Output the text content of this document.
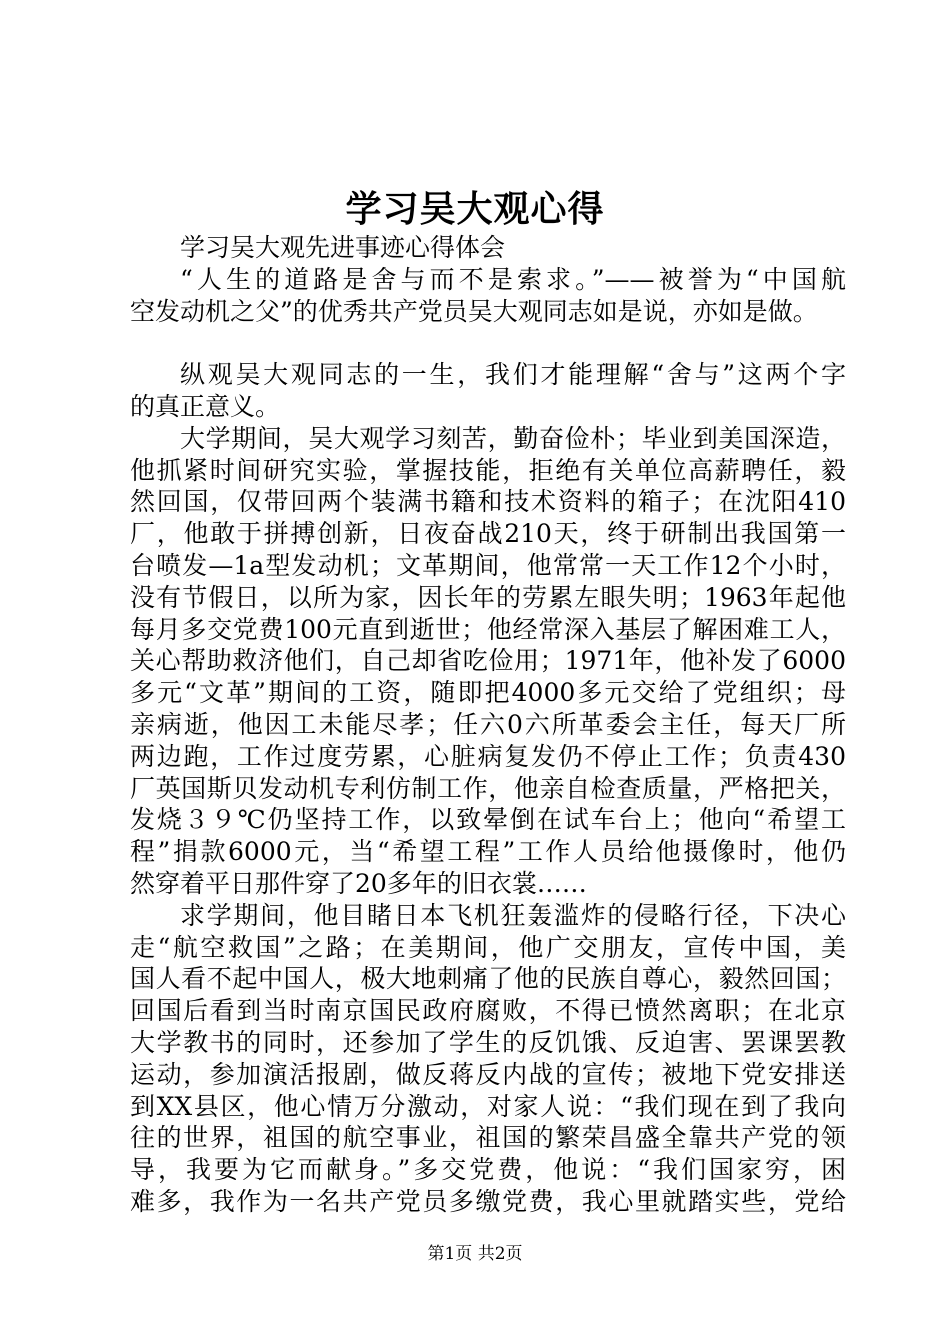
学习吴大观心得
学习吴大观先进事迹心得体会
“人生的道路是舍与而不是索求。”——被誉为“中国航
空发动机之父”的优秀共产党员吴大观同志如是说，亦如是做。
纵观吴大观同志的一生，我们才能理解“舍与”这两个字
的真正意义。
大学期间，吴大观学习刻苦，勤奋俭朴；毕业到美国深造，
他抓紧时间研究实验，掌握技能，拒绝有关单位高薪聘任，毅
然回国，仅带回两个装满书籍和技术资料的箱子；在沈阳410
厂，他敢于拼搏创新，日夜奋战210天，终于研制出我国第一
台喷发—1a型发动机；文革期间，他常常一天工作12个小时，
没有节假日，以所为家，因长年的劳累左眼失明；1963年起他
每月多交党费100元直到逝世；他经常深入基层了解困难工人，
关心帮助救济他们，自己却省吃俭用；1971年，他补发了6000
多元“文革”期间的工资，随即把4000多元交给了党组织；母
亲病逝，他因工未能尽孝；任六0六所革委会主任，每天厂所
两边跑，工作过度劳累，心脏病复发仍不停止工作；负责430
厂英国斯贝发动机专利仿制工作，他亲自检查质量，严格把关，
发烧３９℃仍坚持工作，以致晕倒在试车台上；他向“希望工
程”捐款6000元，当“希望工程”工作人员给他摄像时，他仍
然穿着平日那件穿了20多年的旧衣裳……
求学期间，他目睹日本飞机狂轰滥炸的侵略行径，下决心
走“航空救国”之路；在美期间，他广交朋友，宣传中国，美
国人看不起中国人，极大地刺痛了他的民族自尊心，毅然回国；
回国后看到当时南京国民政府腐败，不得已愤然离职；在北京
大学教书的同时，还参加了学生的反饥饿、反迫害、罢课罢教
运动，参加演活报剧，做反蒋反内战的宣传；被地下党安排送
到XX县区，他心情万分激动，对家人说：“我们现在到了我向
往的世界，祖国的航空事业，祖国的繁荣昌盛全靠共产党的领
导，我要为它而献身。”多交党费，他说：“我们国家穷，困
难多，我作为一名共产党员多缴党费，我心里就踏实些，党给
第1页 共2页
